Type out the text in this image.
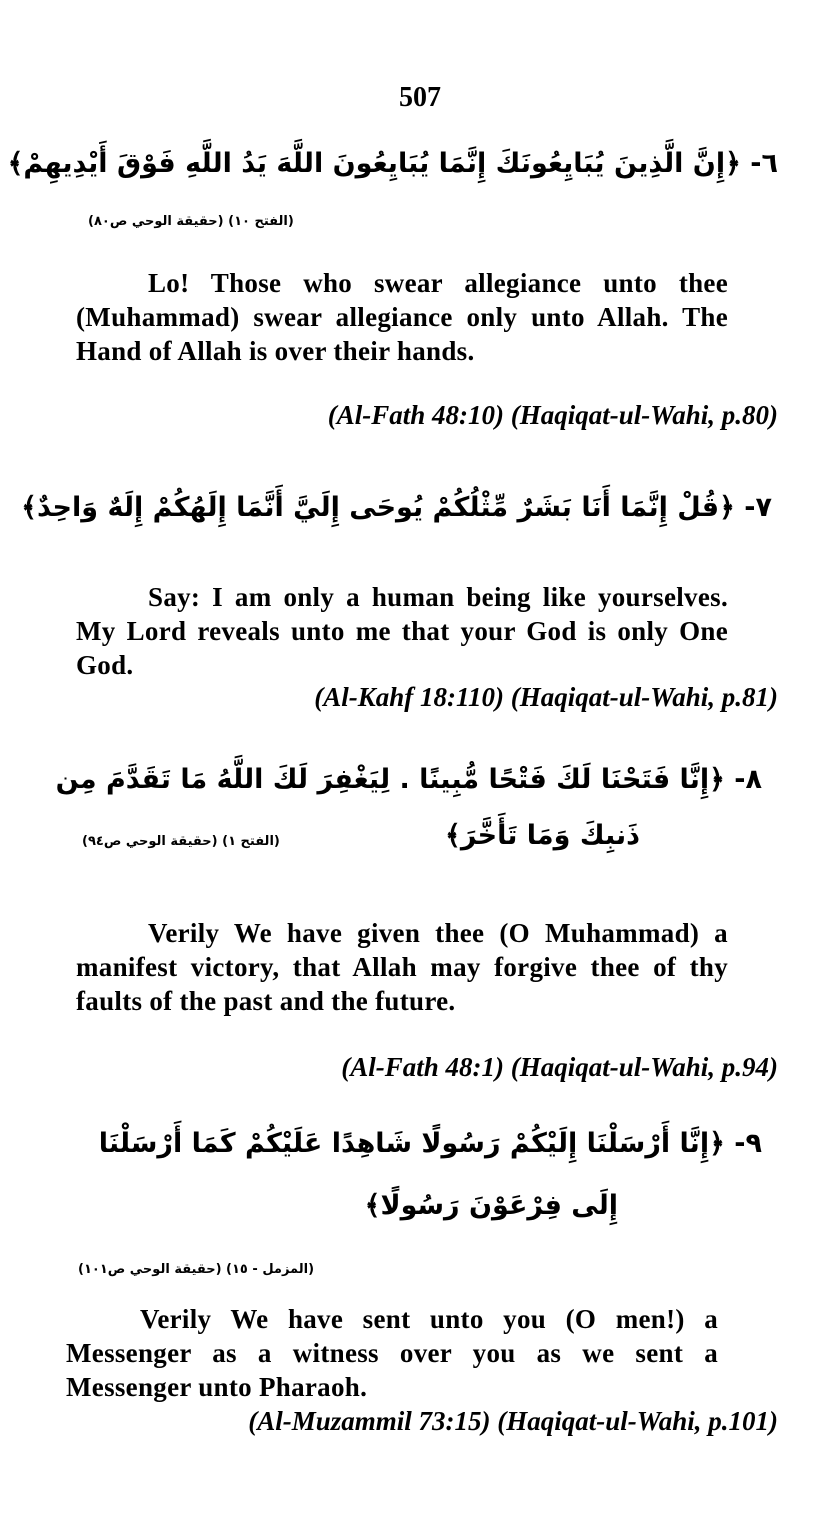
507
٦- ﴿إِنَّ الَّذِينَ يُبَايِعُونَكَ إِنَّمَا يُبَايِعُونَ اللَّهَ يَدُ اللَّهِ فَوْقَ أَيْدِيهِمْ﴾
(الفتح ١٠) (حقيقة الوحي ص٨٠)
Lo! Those who swear allegiance unto thee (Muhammad) swear allegiance only unto Allah. The Hand of Allah is over their hands.
(Al-Fath 48:10) (Haqiqat-ul-Wahi, p.80)
٧- ﴿قُلْ إِنَّمَا أَنَا بَشَرٌ مِّثْلُكُمْ يُوحَى إِلَيَّ أَنَّمَا إِلَهُكُمْ إِلَهٌ وَاحِدٌ﴾
Say: I am only a human being like yourselves. My Lord reveals unto me that your God is only One God.
(Al-Kahf 18:110) (Haqiqat-ul-Wahi, p.81)
٨- ﴿إِنَّا فَتَحْنَا لَكَ فَتْحًا مُّبِينًا . لِيَغْفِرَ لَكَ اللَّهُ مَا تَقَدَّمَ مِن
ذَنبِكَ وَمَا تَأَخَّرَ﴾
(الفتح ١) (حقيقة الوحي ص٩٤)
Verily We have given thee (O Muhammad) a manifest victory, that Allah may forgive thee of thy faults of the past and the future.
(Al-Fath 48:1) (Haqiqat-ul-Wahi, p.94)
٩- ﴿إِنَّا أَرْسَلْنَا إِلَيْكُمْ رَسُولًا شَاهِدًا عَلَيْكُمْ كَمَا أَرْسَلْنَا
إِلَى فِرْعَوْنَ رَسُولًا﴾
(المزمل - ١٥) (حقيقة الوحي ص١٠١)
Verily We have sent unto you (O men!) a Messenger as a witness over you as we sent a Messenger unto Pharaoh.
(Al-Muzammil 73:15) (Haqiqat-ul-Wahi, p.101)
